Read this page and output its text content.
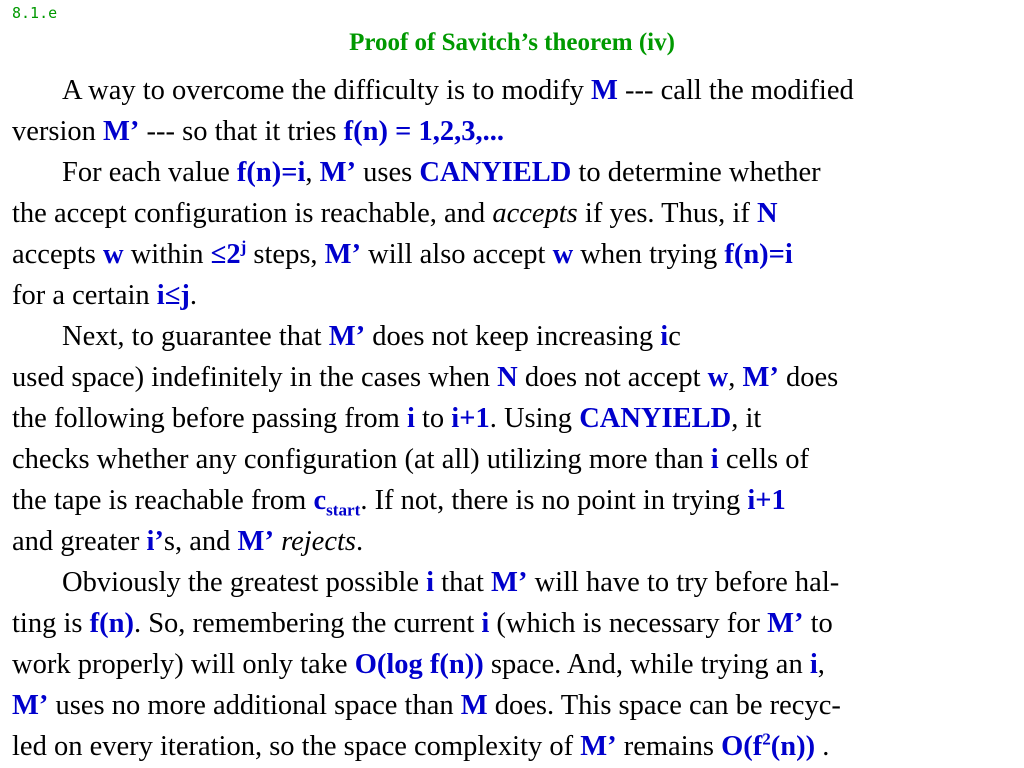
8.1.e
Proof of Savitch’s theorem (iv)

A way to overcome the difficulty is to modify M --- call the modified

version M’ --- so that it tries f(n) = 1,2,3,...

For each value f(n)=i, M’ uses CANYIELD to determine whether

the accept configuration is reachable, and accepts if yes. Thus, if N

accepts w within $\le 2^j$ steps, M’ will also accept w when trying f(n)=i

for a certain i≤j.

Next, to guarantee that M’ does not keep increasing ic

used space) indefinitely in the cases when N does not accept w, M’ does

the following before passing from i to i+1. Using CANYIELD, it

checks whether any configuration (at all) utilizing more than i cells of

the tape is reachable from $c_{start}$. If not, there is no point in trying i+1

and greater i’s, and M’ rejects.

Obviously the greatest possible i that M’ will have to try before hal-

ting is f(n). So, remembering the current i (which is necessary for M’ to

work properly) will only take O(log f(n)) space. And, while trying an i,

M’ uses no more additional space than M does. This space can be recyc-

led on every iteration, so the space complexity of M’ remains $O(f^2(n))$ .
